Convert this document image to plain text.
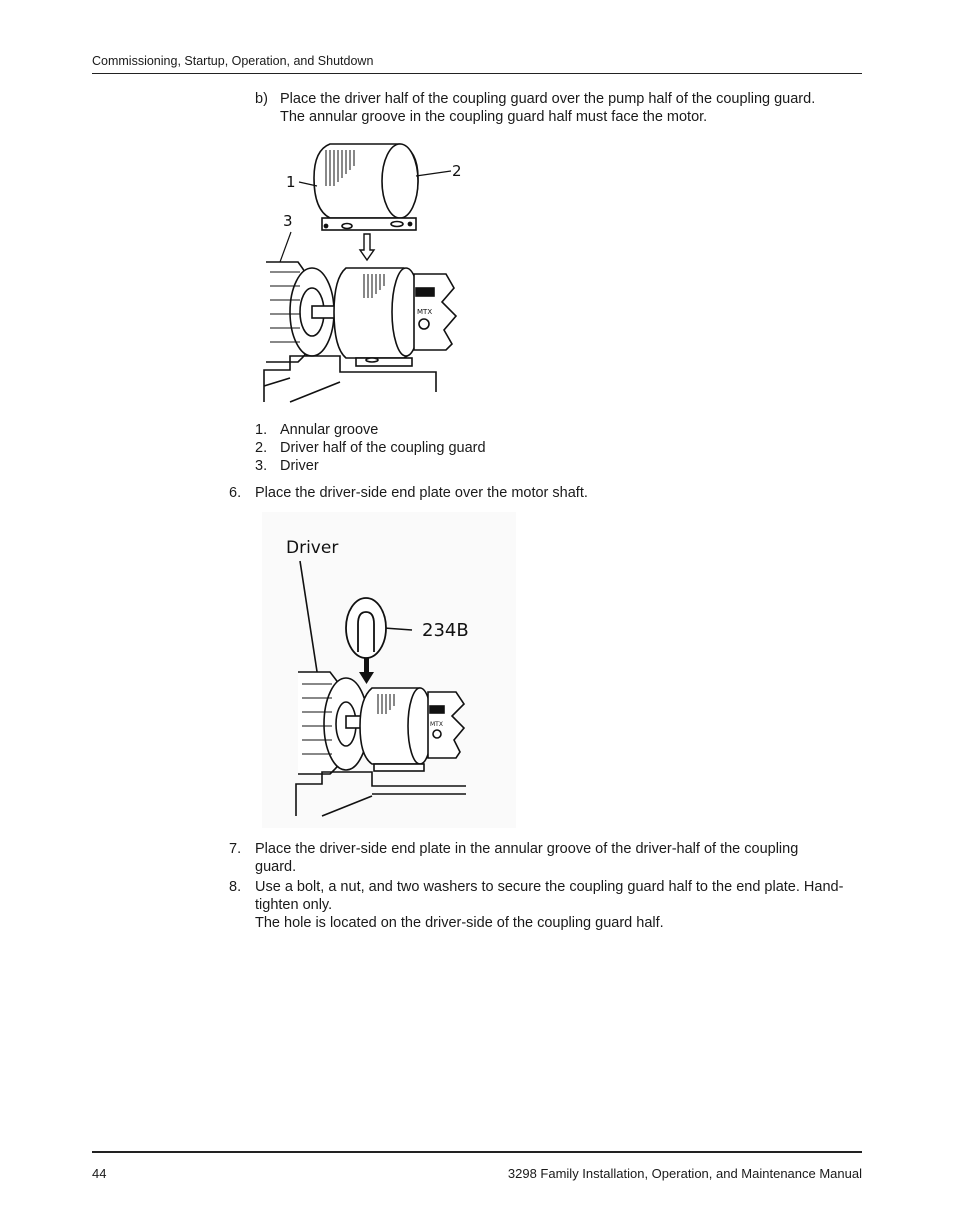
Commissioning, Startup, Operation, and Shutdown
b) Place the driver half of the coupling guard over the pump half of the coupling guard.
The annular groove in the coupling guard half must face the motor.
1
2
3
MTX
1. Annular groove
2. Driver half of the coupling guard
3. Driver
6. Place the driver-side end plate over the motor shaft.
Driver
234B
MTX
7. Place the driver-side end plate in the annular groove of the driver-half of the coupling
guard.
8. Use a bolt, a nut, and two washers to secure the coupling guard half to the end plate. Hand-
tighten only.
The hole is located on the driver-side of the coupling guard half.
44	3298 Family Installation, Operation, and Maintenance Manual
